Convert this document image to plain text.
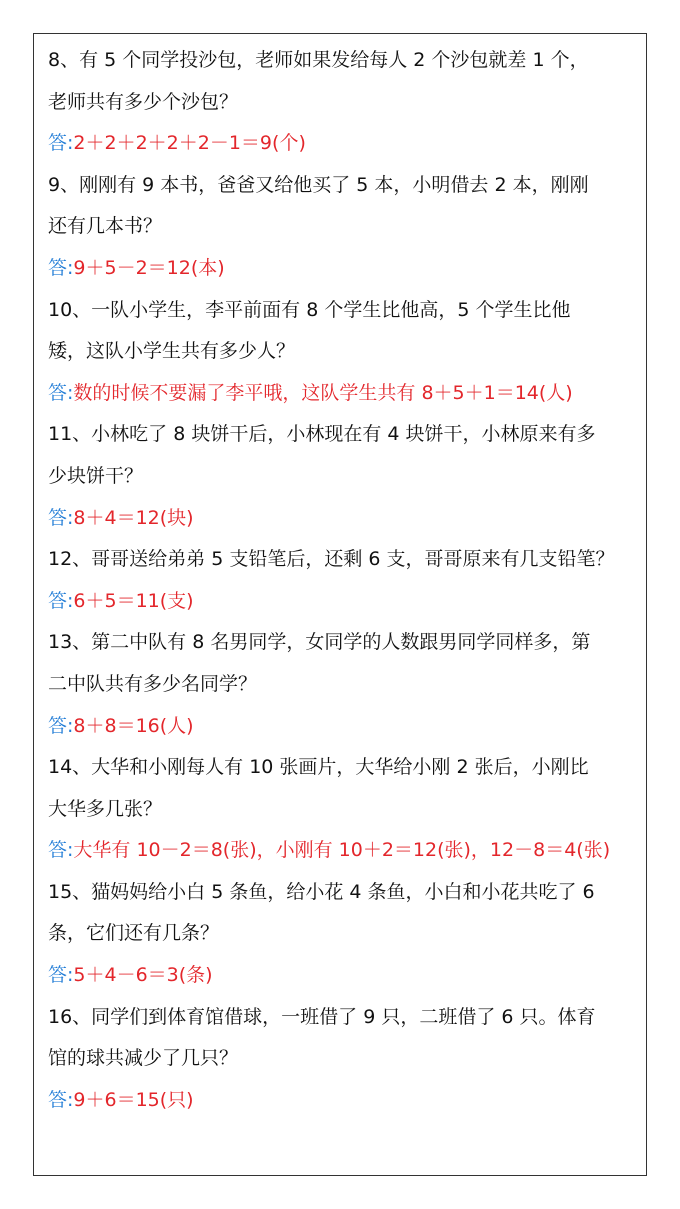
8、有 5 个同学投沙包，老师如果发给每人 2 个沙包就差 1 个，
老师共有多少个沙包？
答:2＋2＋2＋2＋2－1＝9(个)
9、刚刚有 9 本书，爸爸又给他买了 5 本，小明借去 2 本，刚刚
还有几本书？
答:9＋5－2＝12(本)
10、一队小学生，李平前面有 8 个学生比他高，5 个学生比他
矮，这队小学生共有多少人？
答:数的时候不要漏了李平哦，这队学生共有 8＋5＋1＝14(人)
11、小林吃了 8 块饼干后，小林现在有 4 块饼干，小林原来有多
少块饼干？
答:8＋4＝12(块)
12、哥哥送给弟弟 5 支铅笔后，还剩 6 支，哥哥原来有几支铅笔？
答:6＋5＝11(支)
13、第二中队有 8 名男同学，女同学的人数跟男同学同样多，第
二中队共有多少名同学？
答:8＋8＝16(人)
14、大华和小刚每人有 10 张画片，大华给小刚 2 张后，小刚比
大华多几张？
答:大华有 10－2＝8(张)，小刚有 10＋2＝12(张)，12－8＝4(张)
15、猫妈妈给小白 5 条鱼，给小花 4 条鱼，小白和小花共吃了 6
条，它们还有几条？
答:5＋4－6＝3(条)
16、同学们到体育馆借球，一班借了 9 只，二班借了 6 只。体育
馆的球共减少了几只？
答:9＋6＝15(只)
